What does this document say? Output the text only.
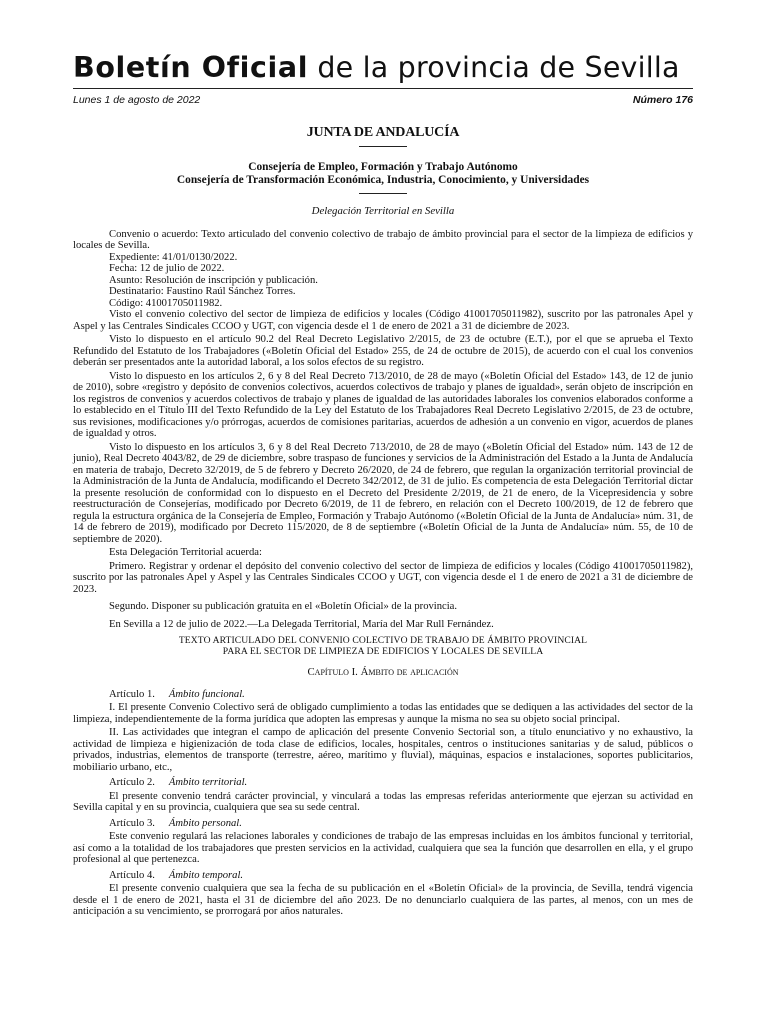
Boletín Oficial de la provincia de Sevilla
Lunes 1 de agosto de 2022	Número 176
JUNTA DE ANDALUCÍA
Consejería de Empleo, Formación y Trabajo Autónomo
Consejería de Transformación Económica, Industria, Conocimiento, y Universidades
Delegación Territorial en Sevilla

Convenio o acuerdo: Texto articulado del convenio colectivo de trabajo de ámbito provincial para el sector de la limpieza de edificios y locales de Sevilla.

Expediente: 41/01/0130/2022.

Fecha: 12 de julio de 2022.

Asunto: Resolución de inscripción y publicación.

Destinatario: Faustino Raúl Sánchez Torres.

Código: 41001705011982.

Visto el convenio colectivo del sector de limpieza de edificios y locales (Código 41001705011982), suscrito por las patronales Apel y Aspel y las Centrales Sindicales CCOO y UGT, con vigencia desde el 1 de enero de 2021 a 31 de diciembre de 2023.

Visto lo dispuesto en el artículo 90.2 del Real Decreto Legislativo 2/2015, de 23 de octubre (E.T.), por el que se aprueba el Texto Refundido del Estatuto de los Trabajadores («Boletín Oficial del Estado» 255, de 24 de octubre de 2015), de acuerdo con el cual los convenios deberán ser presentados ante la autoridad laboral, a los solos efectos de su registro.

Visto lo dispuesto en los artículos 2, 6 y 8 del Real Decreto 713/2010, de 28 de mayo («Boletín Oficial del Estado» 143, de 12 de junio de 2010), sobre «registro y depósito de convenios colectivos, acuerdos colectivos de trabajo y planes de igualdad», serán objeto de inscripción en los registros de convenios y acuerdos colectivos de trabajo y planes de igualdad de las autoridades laborales los convenios elaborados conforme a lo establecido en el Título III del Texto Refundido de la Ley del Estatuto de los Trabajadores Real Decreto Legislativo 2/2015, de 23 de octubre, sus revisiones, modificaciones y/o prórrogas, acuerdos de comisiones paritarias, acuerdos de adhesión a un convenio en vigor, acuerdos de planes de igualdad y otros.

Visto lo dispuesto en los artículos 3, 6 y 8 del Real Decreto 713/2010, de 28 de mayo («Boletín Oficial del Estado» núm. 143 de 12 de junio), Real Decreto 4043/82, de 29 de diciembre, sobre traspaso de funciones y servicios de la Administración del Estado a la Junta de Andalucía en materia de trabajo, Decreto 32/2019, de 5 de febrero y Decreto 26/2020, de 24 de febrero, que regulan la organización territorial provincial de la Administración de la Junta de Andalucía, modificando el Decreto 342/2012, de 31 de julio. Es competencia de esta Delegación Territorial dictar la presente resolución de conformidad con lo dispuesto en el Decreto del Presidente 2/2019, de 21 de enero, de la Vicepresidencia y sobre reestructuración de Consejerías, modificado por Decreto 6/2019, de 11 de febrero, en relación con el Decreto 100/2019, de 12 de febrero que regula la estructura orgánica de la Consejería de Empleo, Formación y Trabajo Autónomo («Boletín Oficial de la Junta de Andalucía» núm. 31, de 14 de febrero de 2019), modificado por Decreto 115/2020, de 8 de septiembre («Boletín Oficial de la Junta de Andalucía» núm. 55, de 10 de septiembre de 2020).

Esta Delegación Territorial acuerda:

Primero. Registrar y ordenar el depósito del convenio colectivo del sector de limpieza de edificios y locales (Código 41001705011982), suscrito por las patronales Apel y Aspel y las Centrales Sindicales CCOO y UGT, con vigencia desde el 1 de enero de 2021 a 31 de diciembre de 2023.

Segundo. Disponer su publicación gratuita en el «Boletín Oficial» de la provincia.

En Sevilla a 12 de julio de 2022.—La Delegada Territorial, María del Mar Rull Fernández.

TEXTO ARTICULADO DEL CONVENIO COLECTIVO DE TRABAJO DE ÁMBITO PROVINCIAL
PARA EL SECTOR DE LIMPIEZA DE EDIFICIOS Y LOCALES DE SEVILLA
Capítulo I. Ámbito de aplicación

Artículo 1. Ámbito funcional.

I. El presente Convenio Colectivo será de obligado cumplimiento a todas las entidades que se dediquen a las actividades del sector de la limpieza, independientemente de la forma jurídica que adopten las empresas y aunque la misma no sea su objeto social principal.

II. Las actividades que integran el campo de aplicación del presente Convenio Sectorial son, a título enunciativo y no exhaustivo, la actividad de limpieza e higienización de toda clase de edificios, locales, hospitales, centros o instituciones sanitarias y de salud, públicos o privados, industrias, elementos de transporte (terrestre, aéreo, marítimo y fluvial), máquinas, espacios e instalaciones, soportes publicitarios, mobiliario urbano, etc.,

Artículo 2. Ámbito territorial.

El presente convenio tendrá carácter provincial, y vinculará a todas las empresas referidas anteriormente que ejerzan su actividad en Sevilla capital y en su provincia, cualquiera que sea su sede central.

Artículo 3. Ámbito personal.

Este convenio regulará las relaciones laborales y condiciones de trabajo de las empresas incluidas en los ámbitos funcional y territorial, así como a la totalidad de los trabajadores que presten servicios en la actividad, cualquiera que sea la función que desarrollen en ella, y el grupo profesional al que pertenezca.

Artículo 4. Ámbito temporal.

El presente convenio cualquiera que sea la fecha de su publicación en el «Boletín Oficial» de la provincia, de Sevilla, tendrá vigencia desde el 1 de enero de 2021, hasta el 31 de diciembre del año 2023. De no denunciarlo cualquiera de las partes, al menos, con un mes de anticipación a su vencimiento, se prorrogará por años naturales.
